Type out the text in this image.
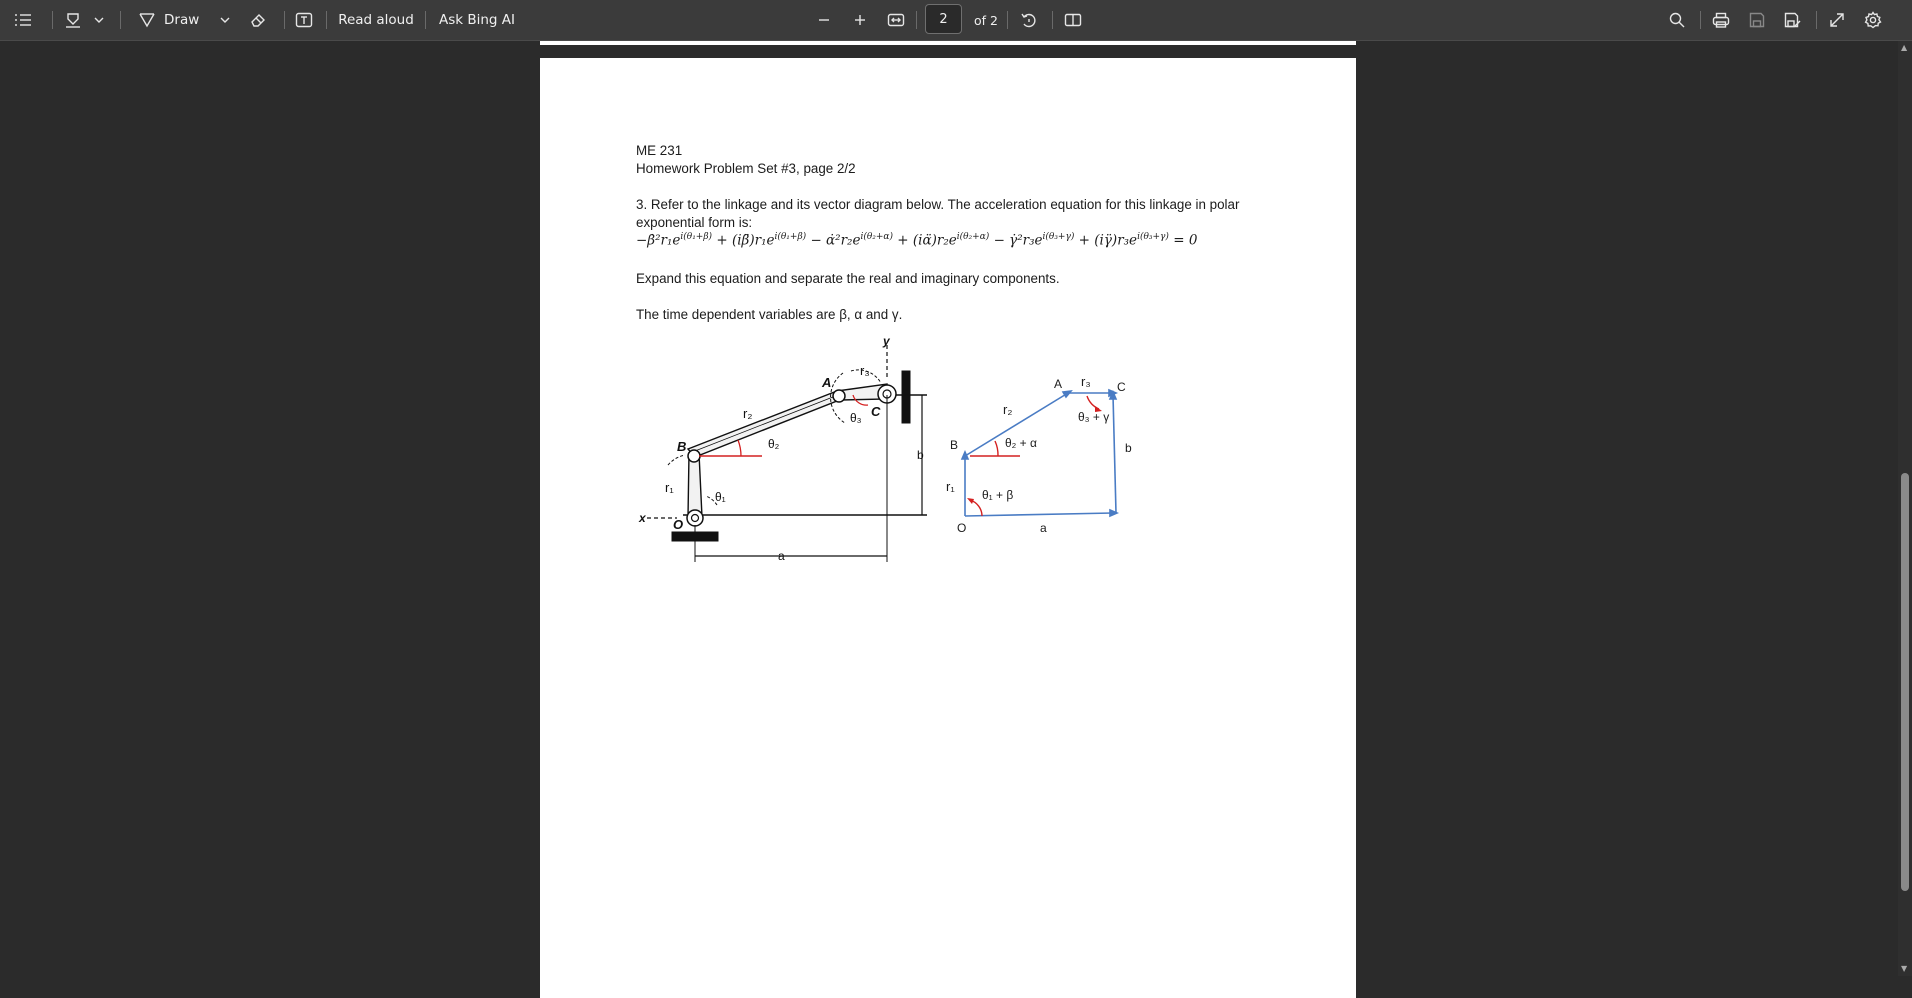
Draw	Read aloud Ask Bing AI
2	of 2
ME 231
Homework Problem Set #3, page 2/2
3. Refer to the linkage and its vector diagram below. The acceleration equation for this linkage in polar
exponential form is:
$-\betȧ^2r_1e^{i(\theta_1+\beta)}$ + $(i\betä)r_1e^{i(\theta_1+\beta)}$ − $\alphȧ^2r_2e^{i(\theta_2+\alpha)}$ + $(i\alphä)r_2e^{i(\theta_2+\alpha)}$ − $\gammȧ^2r_3e^{i(\theta_3+\gamma)}$ + $(i\gammä)r_3e^{i(\theta_3+\gamma)} = 0$
Expand this equation and separate the real and imaginary components.
The time dependent variables are β, α and γ.
y
x
A
B
C
O
r₁
r₂
r₃
θ₁
θ₂
θ₃
a
b
A
B
C
O
r₁
r₂
r₃
θ₁ + β
θ₂ + α
θ₃ + γ
a
b
▲
▼
